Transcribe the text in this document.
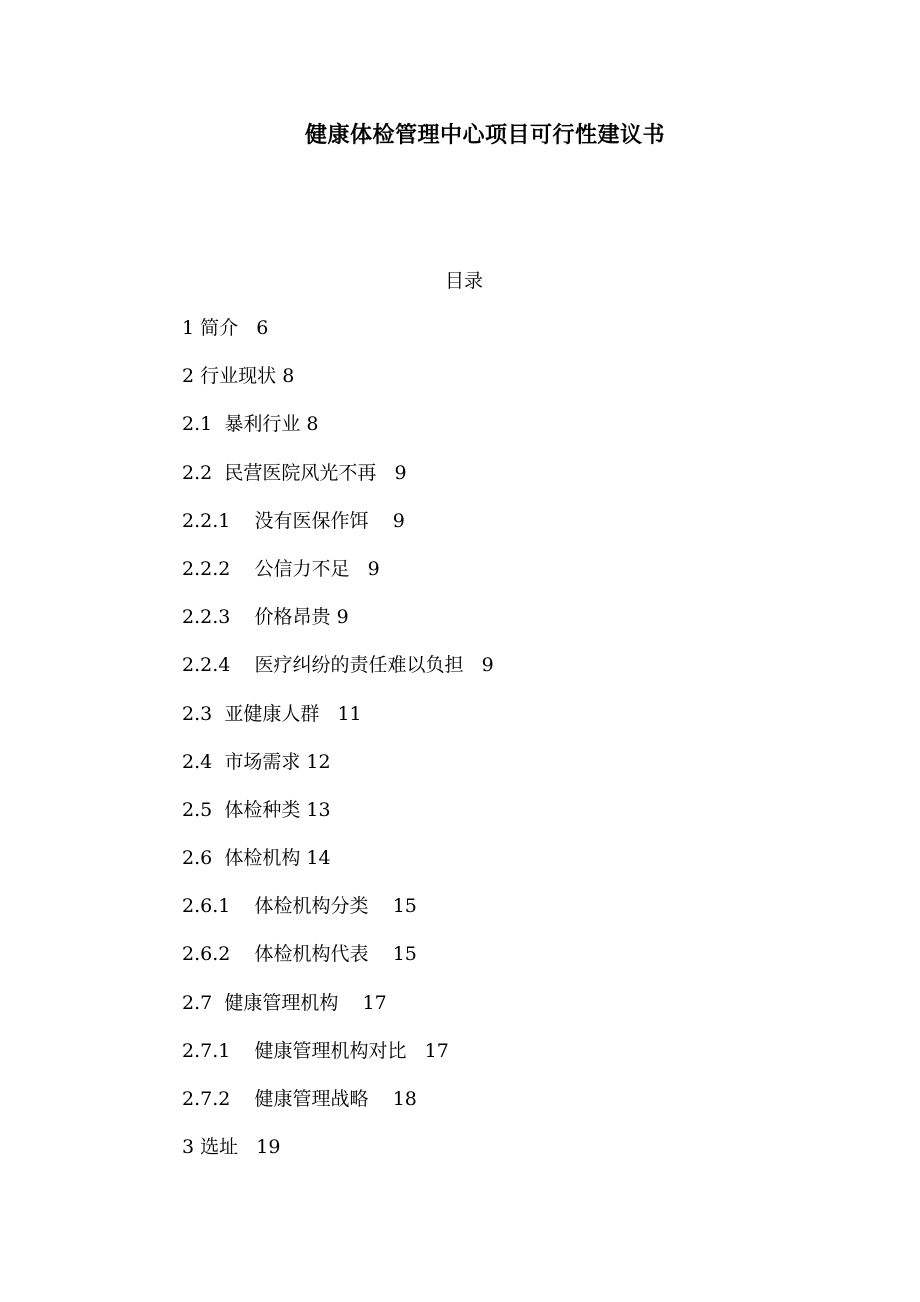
健康体检管理中心项目可行性建议书
目录
1 简介 6
2 行业现状 8
2.1 暴利行业 8
2.2 民营医院风光不再 9
2.2.1 没有医保作饵 9
2.2.2 公信力不足 9
2.2.3 价格昂贵 9
2.2.4 医疗纠纷的责任难以负担 9
2.3 亚健康人群 11
2.4 市场需求 12
2.5 体检种类 13
2.6 体检机构 14
2.6.1 体检机构分类 15
2.6.2 体检机构代表 15
2.7 健康管理机构 17
2.7.1 健康管理机构对比 17
2.7.2 健康管理战略 18
3 选址 19
